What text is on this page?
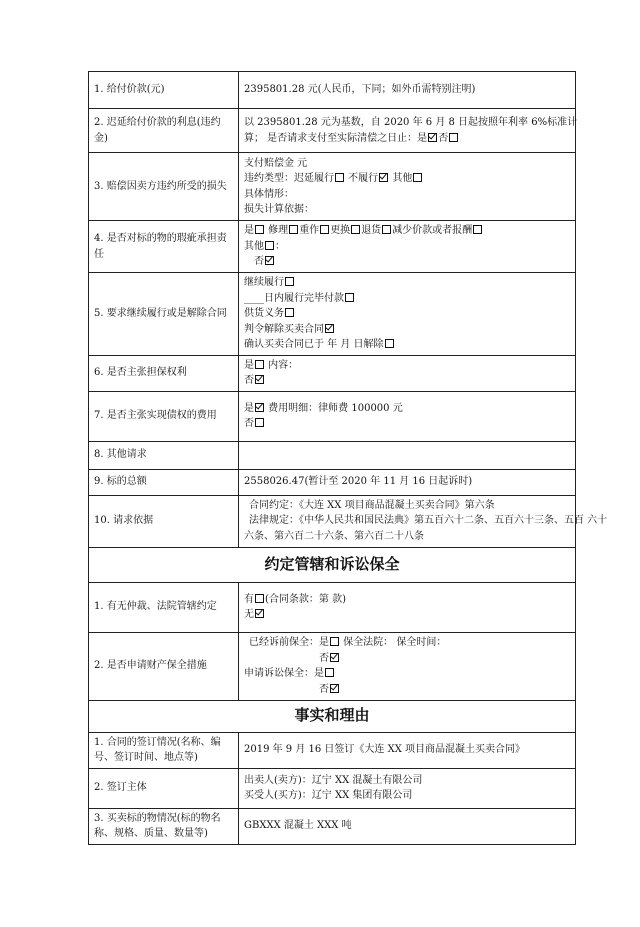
1. 给付价款(元)	2395801.28 元(人民币，下同；如外币需特别注明)

2. 迟延给付价款的利息(违约金)	以 2395801.28 元为基数，自 2020 年 6 月 8 日起按照年利率 6%标准计
算； 是否请求支付至实际清偿之日止：是 否

3. 赔偿因卖方违约所受的损失	支付赔偿金 元
违约类型：迟延履行 不履行 其他
具体情形：
损失计算依据：

4. 是否对标的物的瑕疵承担责任	是 修理 重作 更换 退货 减少价款或者报酬
其他 ：
否

5. 要求继续履行或是解除合同	继续履行
____日内履行完毕付款
供货义务
判令解除买卖合同
确认买卖合同已于 年 月 日解除

6. 是否主张担保权利	是 内容：
否

7. 是否主张实现债权的费用	是 费用明细：律师费 100000 元
否

8. 其他请求	

9. 标的总额	2558026.47(暂计至 2020 年 11 月 16 日起诉时)

10. 请求依据	合同约定：《大连 XX 项目商品混凝土买卖合同》第六条
法律规定：《中华人民共和国民法典》第五百六十二条、五百六十三条、五百 六十
六条、第六百二十六条、第六百二十八条

约定管辖和诉讼保全	
1. 有无仲裁、法院管辖约定	有 (合同条款：第 款)
无

2. 是否申请财产保全措施	已经诉前保全：是 保全法院： 保全时间：
否
申请诉讼保全：是
否

事实和理由	
1. 合同的签订情况(名称、编号、签订时间、地点等)	2019 年 9 月 16 日签订《大连 XX 项目商品混凝土买卖合同》

2. 签订主体	出卖人(卖方)：辽宁 XX 混凝土有限公司
买受人(买方)：辽宁 XX 集团有限公司

3. 买卖标的物情况(标的物名称、规格、质量、数量等)	GBXXX 混凝土 XXX 吨
